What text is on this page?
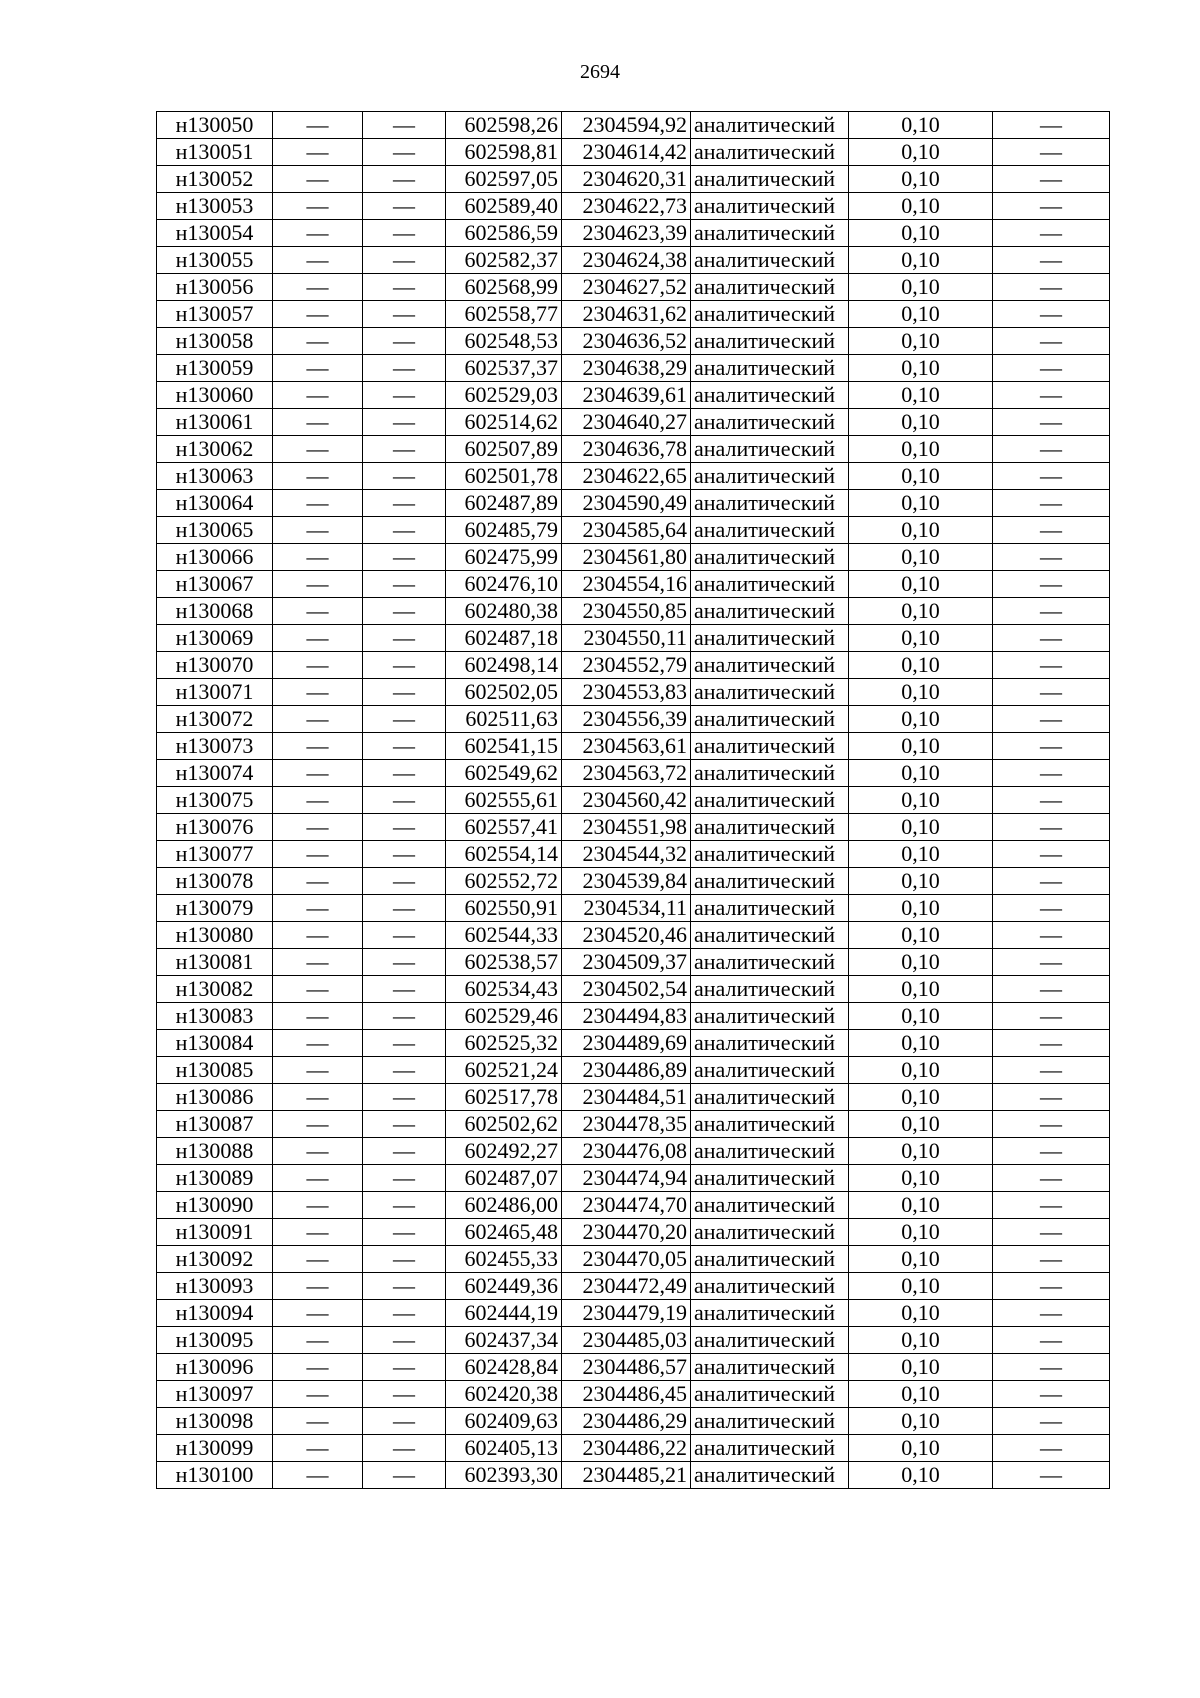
2694
н130050	—	—	602598,26	2304594,92	аналитический	0,10	—
н130051	—	—	602598,81	2304614,42	аналитический	0,10	—
н130052	—	—	602597,05	2304620,31	аналитический	0,10	—
н130053	—	—	602589,40	2304622,73	аналитический	0,10	—
н130054	—	—	602586,59	2304623,39	аналитический	0,10	—
н130055	—	—	602582,37	2304624,38	аналитический	0,10	—
н130056	—	—	602568,99	2304627,52	аналитический	0,10	—
н130057	—	—	602558,77	2304631,62	аналитический	0,10	—
н130058	—	—	602548,53	2304636,52	аналитический	0,10	—
н130059	—	—	602537,37	2304638,29	аналитический	0,10	—
н130060	—	—	602529,03	2304639,61	аналитический	0,10	—
н130061	—	—	602514,62	2304640,27	аналитический	0,10	—
н130062	—	—	602507,89	2304636,78	аналитический	0,10	—
н130063	—	—	602501,78	2304622,65	аналитический	0,10	—
н130064	—	—	602487,89	2304590,49	аналитический	0,10	—
н130065	—	—	602485,79	2304585,64	аналитический	0,10	—
н130066	—	—	602475,99	2304561,80	аналитический	0,10	—
н130067	—	—	602476,10	2304554,16	аналитический	0,10	—
н130068	—	—	602480,38	2304550,85	аналитический	0,10	—
н130069	—	—	602487,18	2304550,11	аналитический	0,10	—
н130070	—	—	602498,14	2304552,79	аналитический	0,10	—
н130071	—	—	602502,05	2304553,83	аналитический	0,10	—
н130072	—	—	602511,63	2304556,39	аналитический	0,10	—
н130073	—	—	602541,15	2304563,61	аналитический	0,10	—
н130074	—	—	602549,62	2304563,72	аналитический	0,10	—
н130075	—	—	602555,61	2304560,42	аналитический	0,10	—
н130076	—	—	602557,41	2304551,98	аналитический	0,10	—
н130077	—	—	602554,14	2304544,32	аналитический	0,10	—
н130078	—	—	602552,72	2304539,84	аналитический	0,10	—
н130079	—	—	602550,91	2304534,11	аналитический	0,10	—
н130080	—	—	602544,33	2304520,46	аналитический	0,10	—
н130081	—	—	602538,57	2304509,37	аналитический	0,10	—
н130082	—	—	602534,43	2304502,54	аналитический	0,10	—
н130083	—	—	602529,46	2304494,83	аналитический	0,10	—
н130084	—	—	602525,32	2304489,69	аналитический	0,10	—
н130085	—	—	602521,24	2304486,89	аналитический	0,10	—
н130086	—	—	602517,78	2304484,51	аналитический	0,10	—
н130087	—	—	602502,62	2304478,35	аналитический	0,10	—
н130088	—	—	602492,27	2304476,08	аналитический	0,10	—
н130089	—	—	602487,07	2304474,94	аналитический	0,10	—
н130090	—	—	602486,00	2304474,70	аналитический	0,10	—
н130091	—	—	602465,48	2304470,20	аналитический	0,10	—
н130092	—	—	602455,33	2304470,05	аналитический	0,10	—
н130093	—	—	602449,36	2304472,49	аналитический	0,10	—
н130094	—	—	602444,19	2304479,19	аналитический	0,10	—
н130095	—	—	602437,34	2304485,03	аналитический	0,10	—
н130096	—	—	602428,84	2304486,57	аналитический	0,10	—
н130097	—	—	602420,38	2304486,45	аналитический	0,10	—
н130098	—	—	602409,63	2304486,29	аналитический	0,10	—
н130099	—	—	602405,13	2304486,22	аналитический	0,10	—
н130100	—	—	602393,30	2304485,21	аналитический	0,10	—
